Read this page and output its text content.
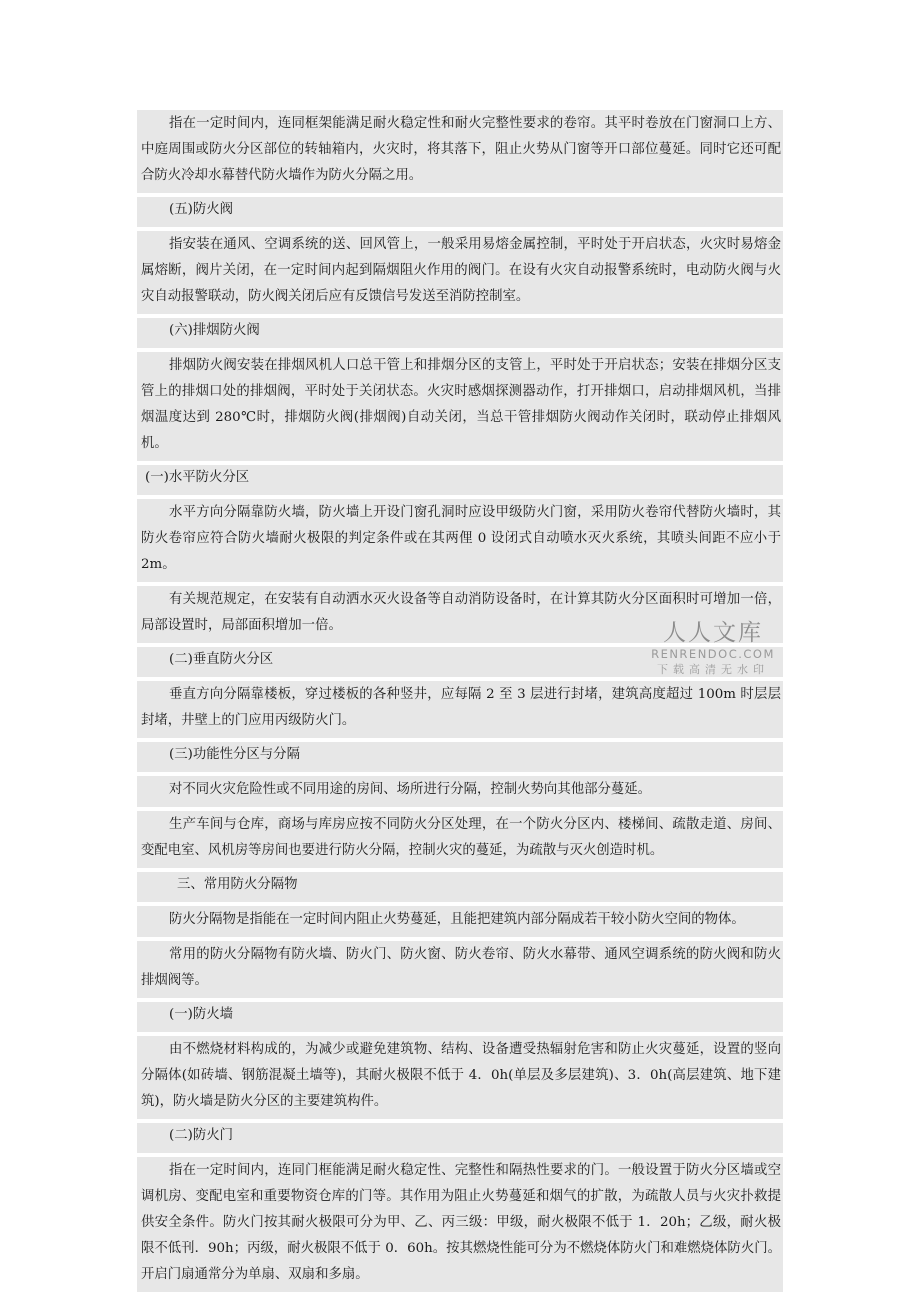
指在一定时间内，连同框架能满足耐火稳定性和耐火完整性要求的卷帘。其平时卷放在门窗洞口上方、中庭周围或防火分区部位的转轴箱内，火灾时，将其落下，阻止火势从门窗等开口部位蔓延。同时它还可配合防火冷却水幕替代防火墙作为防火分隔之用。

(五)防火阀

指安装在通风、空调系统的送、回风管上，一般采用易熔金属控制，平时处于开启状态，火灾时易熔金属熔断，阀片关闭，在一定时间内起到隔烟阻火作用的阀门。在设有火灾自动报警系统时，电动防火阀与火灾自动报警联动，防火阀关闭后应有反馈信号发送至消防控制室。

(六)排烟防火阀

排烟防火阀安装在排烟风机人口总干管上和排烟分区的支管上，平时处于开启状态；安装在排烟分区支管上的排烟口处的排烟阀，平时处于关闭状态。火灾时感烟探测器动作，打开排烟口，启动排烟风机，当排烟温度达到 280℃时，排烟防火阀(排烟阀)自动关闭，当总干管排烟防火阀动作关闭时，联动停止排烟风机。

(一)水平防火分区

水平方向分隔靠防火墙，防火墙上开设门窗孔洞时应设甲级防火门窗，采用防火卷帘代替防火墙时，其防火卷帘应符合防火墙耐火极限的判定条件或在其两俚 0 设闭式自动喷水灭火系统，其喷头间距不应小于 2m。

有关规范规定，在安装有自动洒水灭火设备等自动消防设备时，在计算其防火分区面积时可增加一倍，局部设置时，局部面积增加一倍。

(二)垂直防火分区

垂直方向分隔靠楼板，穿过楼板的各种竖井，应每隔 2 至 3 层进行封堵，建筑高度超过 100m 时层层封堵，井壁上的门应用丙级防火门。

(三)功能性分区与分隔

对不同火灾危险性或不同用途的房间、场所进行分隔，控制火势向其他部分蔓延。

生产车间与仓库，商场与库房应按不同防火分区处理，在一个防火分区内、楼梯间、疏散走道、房间、变配电室、风机房等房间也要进行防火分隔，控制火灾的蔓延，为疏散与灭火创造时机。

三、常用防火分隔物

防火分隔物是指能在一定时间内阻止火势蔓延，且能把建筑内部分隔成若干较小防火空间的物体。

常用的防火分隔物有防火墙、防火门、防火窗、防火卷帘、防火水幕带、通风空调系统的防火阀和防火排烟阀等。

(一)防火墙

由不燃烧材料构成的，为减少或避免建筑物、结构、设备遭受热辐射危害和防止火灾蔓延，设置的竖向分隔体(如砖墙、钢筋混凝土墙等)，其耐火极限不低于 4．0h(单层及多层建筑)、3．0h(高层建筑、地下建筑)，防火墙是防火分区的主要建筑构件。

(二)防火门

指在一定时间内，连同门框能满足耐火稳定性、完整性和隔热性要求的门。一般设置于防火分区墙或空调机房、变配电室和重要物资仓库的门等。其作用为阻止火势蔓延和烟气的扩散，为疏散人员与火灾扑救提供安全条件。防火门按其耐火极限可分为甲、乙、丙三级：甲级，耐火极限不低于 1．20h；乙级，耐火极限不低刊．90h；丙级，耐火极限不低于 0．60h。按其燃烧性能可分为不燃烧体防火门和难燃烧体防火门。开启门扇通常分为单扇、双扇和多扇。

人人文库
RENRENDOC.COM
下载高清无水印
